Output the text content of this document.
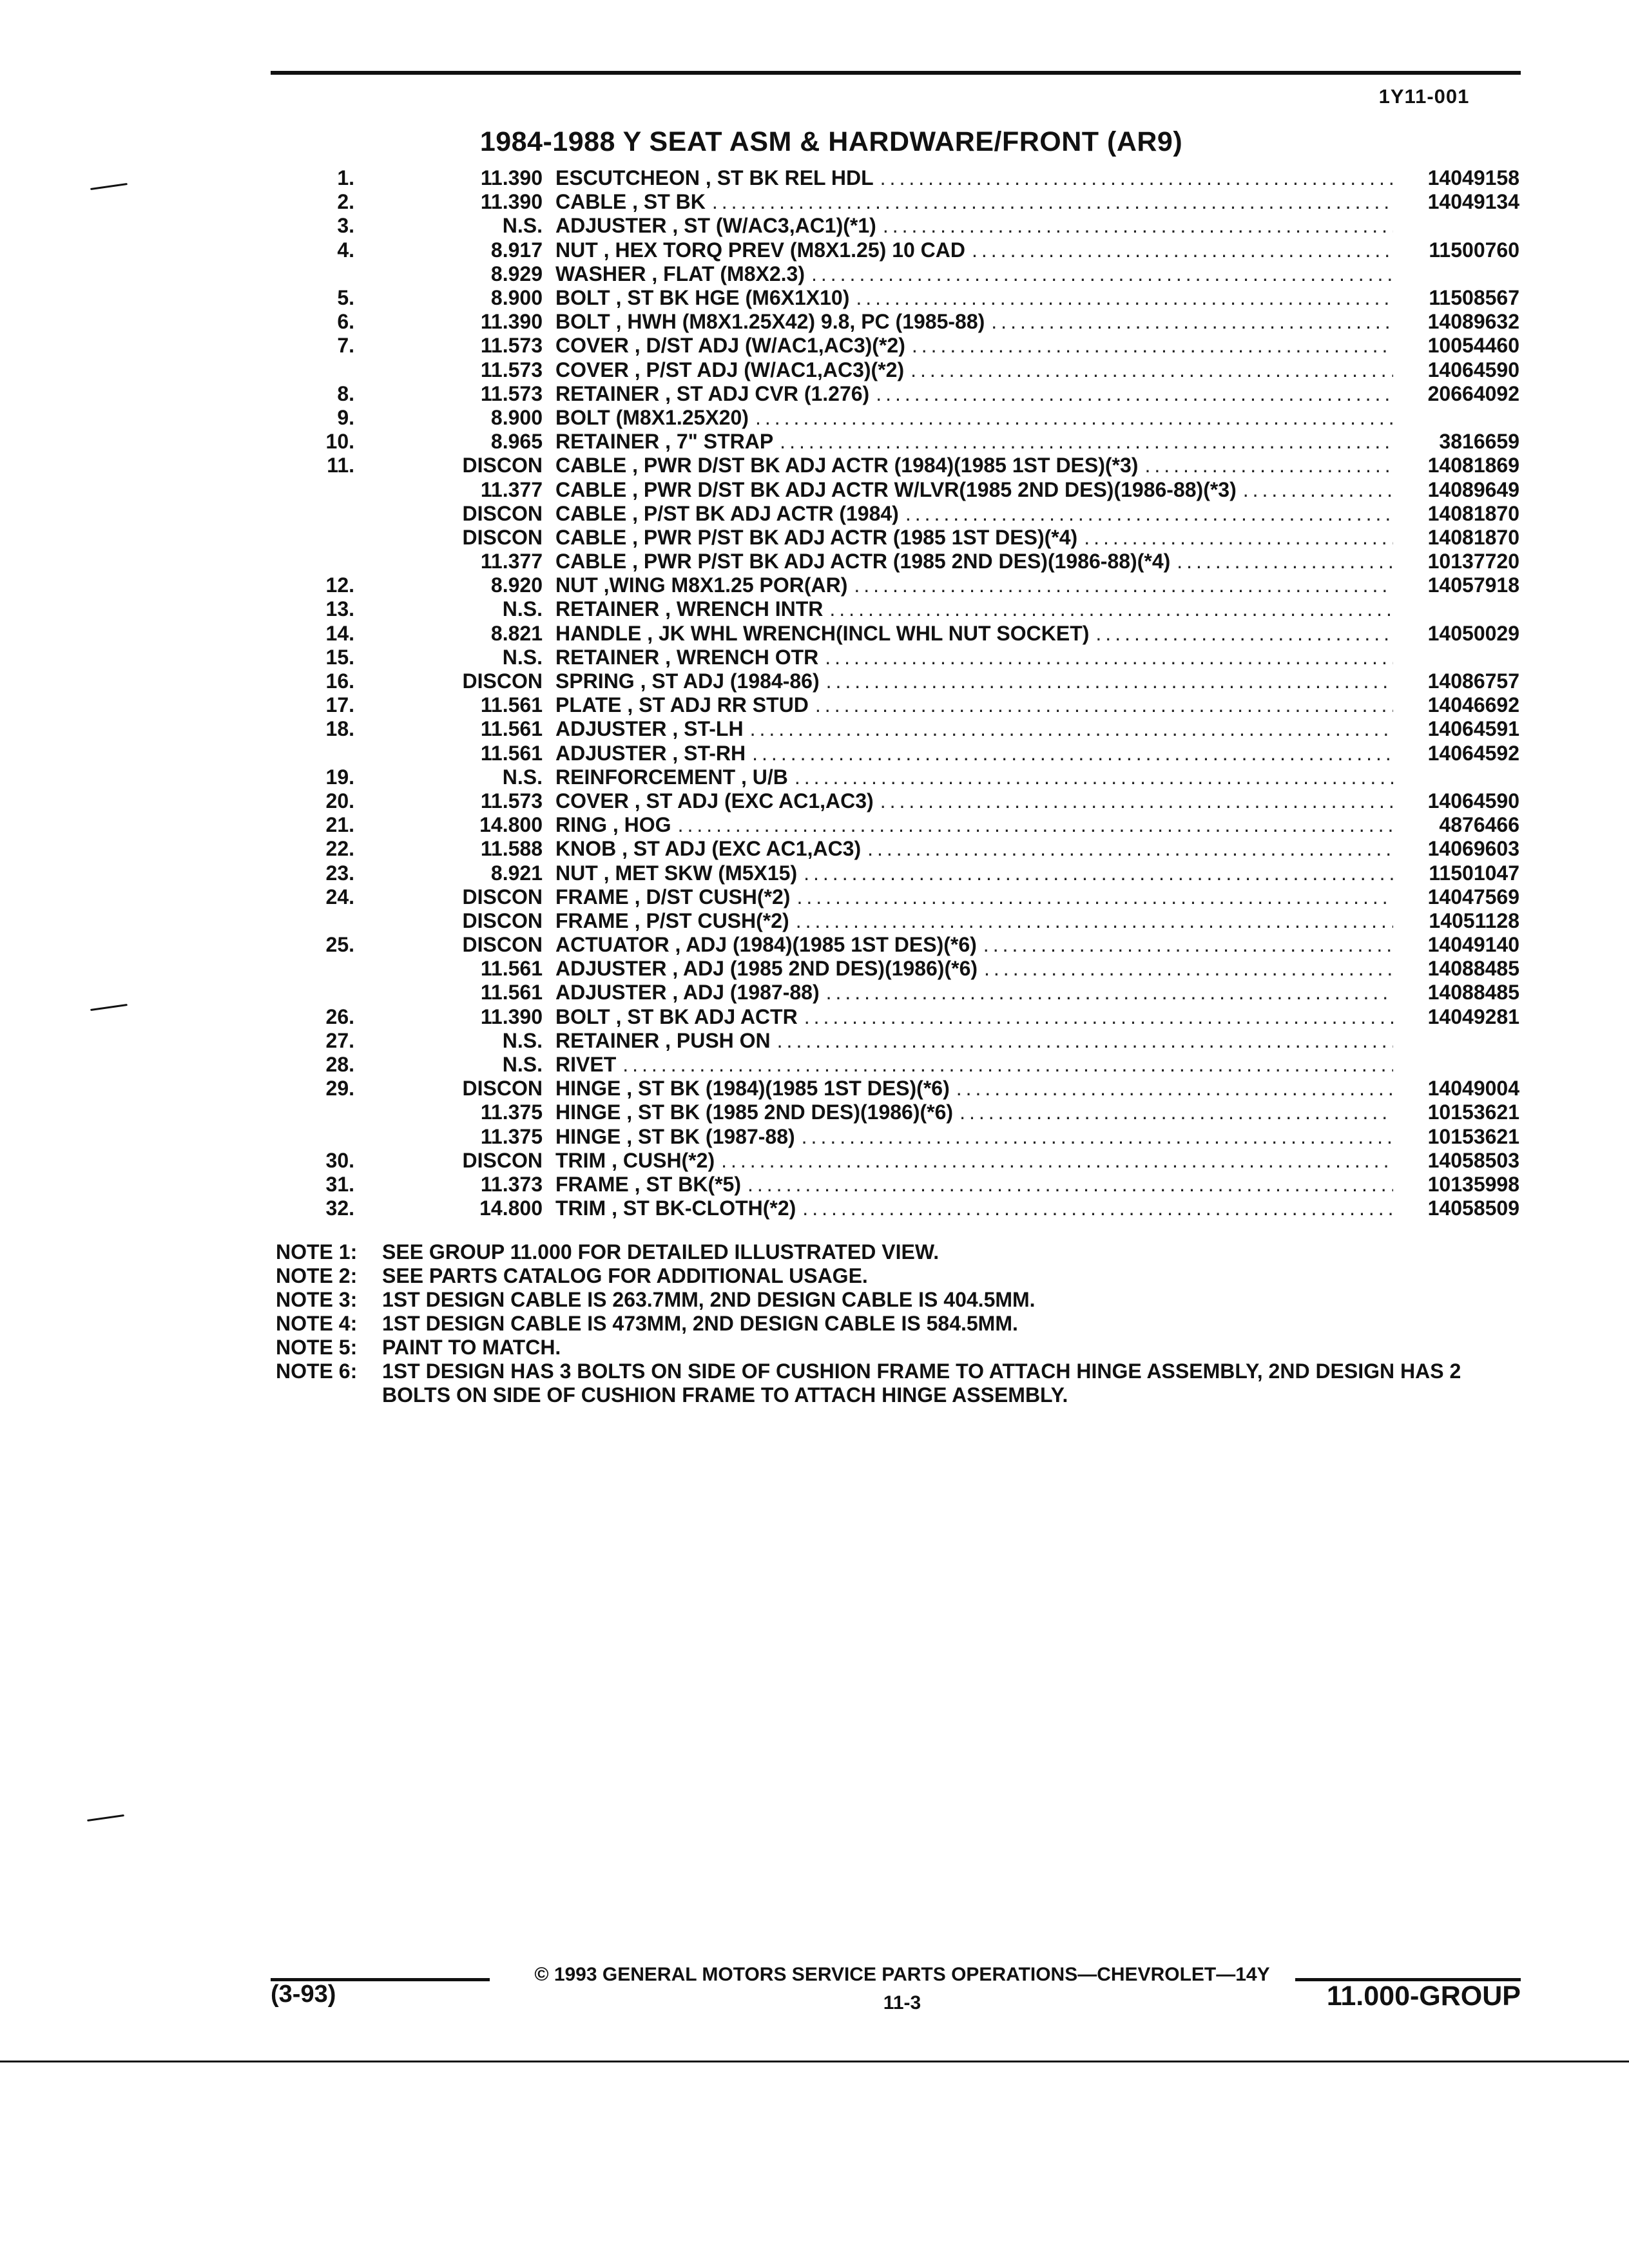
1Y11-001
1984-1988 Y SEAT ASM & HARDWARE/FRONT (AR9)
1.	11.390 ESCUTCHEON , ST BK REL HDL .....	14049158
2.	11.390 CABLE , ST BK .....	14049134
3.	N.S. ADJUSTER , ST (W/AC3,AC1)(*1)
.....
4.	8.917 NUT , HEX TORQ PREV (M8X1.25) 10 CAD .....	11500760
8.929 WASHER , FLAT (M8X2.3)
.....
5.	8.900 BOLT , ST BK HGE (M6X1X10) .....	11508567
6.	11.390 BOLT , HWH (M8X1.25X42) 9.8, PC (1985-88) .....	14089632
7.	11.573 COVER , D/ST ADJ (W/AC1,AC3)(*2) .....	10054460
11.573 COVER , P/ST ADJ (W/AC1,AC3)(*2) .....	14064590
8.	11.573 RETAINER , ST ADJ CVR (1.276) .....	20664092
9.	8.900 BOLT (M8X1.25X20)
.....
10.	8.965 RETAINER , 7" STRAP .....	3816659
11.	DISCON CABLE , PWR D/ST BK ADJ ACTR (1984)(1985 1ST DES)(*3) .....	14081869
11.377 CABLE , PWR D/ST BK ADJ ACTR W/LVR(1985 2ND DES)(1986-88)(*3) .....	14089649
DISCON CABLE , P/ST BK ADJ ACTR (1984) .....	14081870
DISCON CABLE , PWR P/ST BK ADJ ACTR (1985 1ST DES)(*4) .....	14081870
11.377 CABLE , PWR P/ST BK ADJ ACTR (1985 2ND DES)(1986-88)(*4) .....	10137720
12.	8.920 NUT ,WING M8X1.25 POR(AR) .....	14057918
13.	N.S. RETAINER , WRENCH INTR
.....
14.	8.821 HANDLE , JK WHL WRENCH(INCL WHL NUT SOCKET) .....	14050029
15.	N.S. RETAINER , WRENCH OTR
.....
16.	DISCON SPRING , ST ADJ (1984-86) .....	14086757
17.	11.561 PLATE , ST ADJ RR STUD .....	14046692
18.	11.561 ADJUSTER , ST-LH .....	14064591
11.561 ADJUSTER , ST-RH .....	14064592
19.	N.S. REINFORCEMENT , U/B
.....
20.	11.573 COVER , ST ADJ (EXC AC1,AC3) .....	14064590
21.	14.800 RING , HOG .....	4876466
22.	11.588 KNOB , ST ADJ (EXC AC1,AC3) .....	14069603
23.	8.921 NUT , MET SKW (M5X15) .....	11501047
24.	DISCON FRAME , D/ST CUSH(*2) .....	14047569
DISCON FRAME , P/ST CUSH(*2) .....	14051128
25.	DISCON ACTUATOR , ADJ (1984)(1985 1ST DES)(*6) .....	14049140
11.561 ADJUSTER , ADJ (1985 2ND DES)(1986)(*6) .....	14088485
11.561 ADJUSTER , ADJ (1987-88) .....	14088485
26.	11.390 BOLT , ST BK ADJ ACTR .....	14049281
27.	N.S. RETAINER , PUSH ON
.....
28.	N.S. RIVET
.....
29.	DISCON HINGE , ST BK (1984)(1985 1ST DES)(*6) .....	14049004
11.375 HINGE , ST BK (1985 2ND DES)(1986)(*6) .....	10153621
11.375 HINGE , ST BK (1987-88) .....	10153621
30.	DISCON TRIM , CUSH(*2) .....	14058503
31.	11.373 FRAME , ST BK(*5) .....	10135998
32.	14.800 TRIM , ST BK-CLOTH(*2) .....	14058509
NOTE 1:	SEE GROUP 11.000 FOR DETAILED ILLUSTRATED VIEW.
NOTE 2:	SEE PARTS CATALOG FOR ADDITIONAL USAGE.
NOTE 3:	1ST DESIGN CABLE IS 263.7MM, 2ND DESIGN CABLE IS 404.5MM.
NOTE 4:	1ST DESIGN CABLE IS 473MM, 2ND DESIGN CABLE IS 584.5MM.
NOTE 5:	PAINT TO MATCH.
NOTE 6:	1ST DESIGN HAS 3 BOLTS ON SIDE OF CUSHION FRAME TO ATTACH HINGE ASSEMBLY, 2ND DESIGN HAS 2 BOLTS ON SIDE OF CUSHION FRAME TO ATTACH HINGE ASSEMBLY.
© 1993 GENERAL MOTORS SERVICE PARTS OPERATIONS—CHEVROLET—14Y
(3-93)	11-3	11.000-GROUP
